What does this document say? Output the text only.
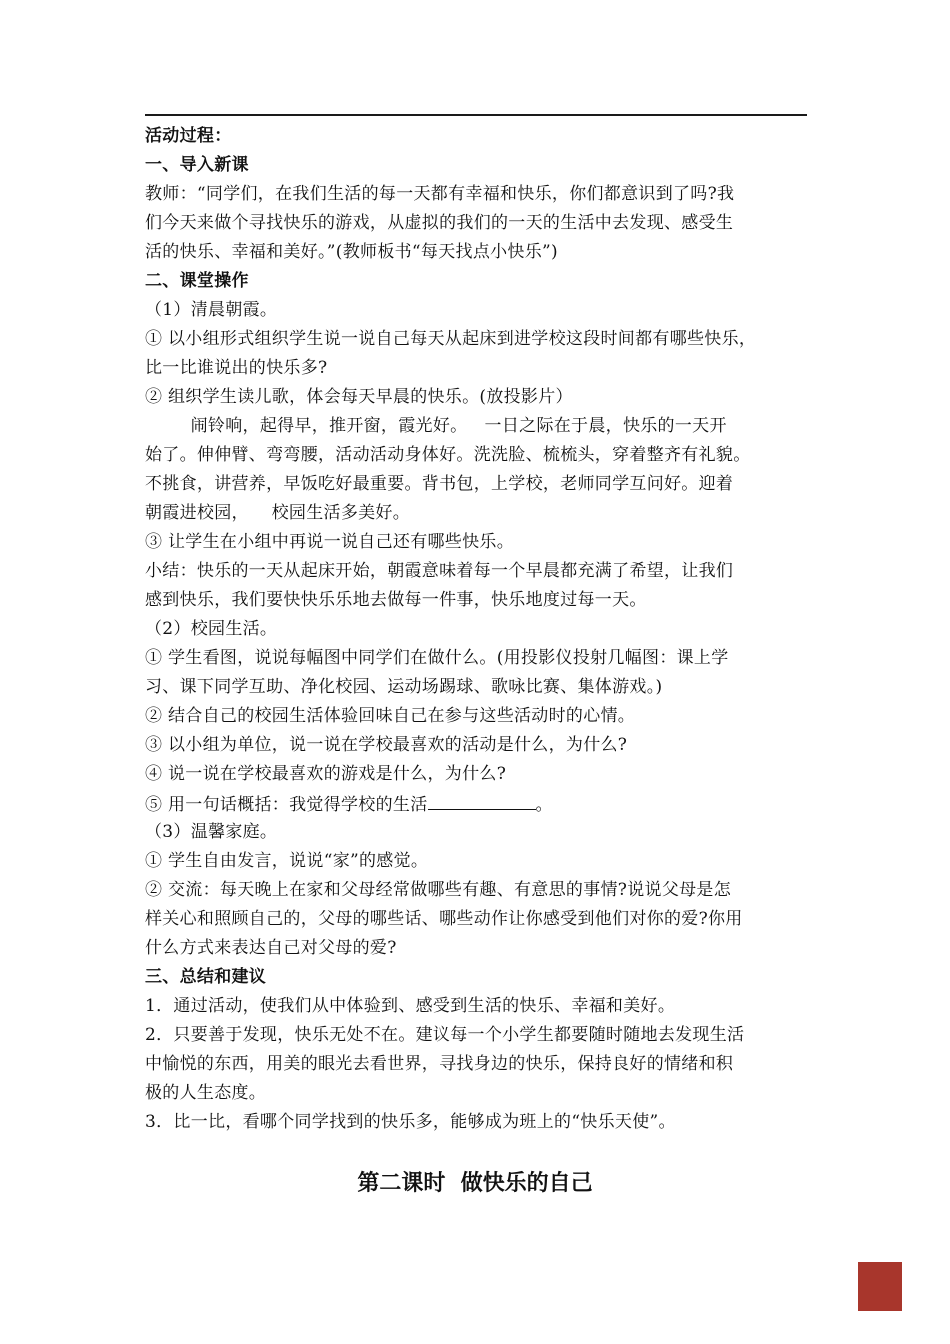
活动过程：
一、导入新课
教师：“同学们，在我们生活的每一天都有幸福和快乐，你们都意识到了吗?我
们今天来做个寻找快乐的游戏，从虚拟的我们的一天的生活中去发现、感受生
活的快乐、幸福和美好。”(教师板书“每天找点小快乐”)
二、课堂操作
（1）清晨朝霞。
① 以小组形式组织学生说一说自己每天从起床到进学校这段时间都有哪些快乐，
比一比谁说出的快乐多?
② 组织学生读儿歌，体会每天早晨的快乐。(放投影片）
闹铃响，起得早，推开窗，霞光好。   一日之际在于晨，快乐的一天开
始了。伸伸臂、弯弯腰，活动活动身体好。洗洗脸、梳梳头，穿着整齐有礼貌。
不挑食，讲营养，早饭吃好最重要。背书包，上学校，老师同学互问好。迎着
朝霞进校园，    校园生活多美好。
③ 让学生在小组中再说一说自己还有哪些快乐。
小结：快乐的一天从起床开始，朝霞意味着每一个早晨都充满了希望，让我们
感到快乐，我们要快快乐乐地去做每一件事，快乐地度过每一天。
（2）校园生活。
① 学生看图，说说每幅图中同学们在做什么。(用投影仪投射几幅图：课上学
习、课下同学互助、净化校园、运动场踢球、歌咏比赛、集体游戏。)
② 结合自己的校园生活体验回味自己在参与这些活动时的心情。
③ 以小组为单位，说一说在学校最喜欢的活动是什么，为什么?
④ 说一说在学校最喜欢的游戏是什么，为什么?
⑤ 用一句话概括：我觉得学校的生活	。
（3）温馨家庭。
① 学生自由发言，说说“家”的感觉。
② 交流：每天晚上在家和父母经常做哪些有趣、有意思的事情?说说父母是怎
样关心和照顾自己的，父母的哪些话、哪些动作让你感受到他们对你的爱?你用
什么方式来表达自己对父母的爱?
三、总结和建议
1．通过活动，使我们从中体验到、感受到生活的快乐、幸福和美好。
2．只要善于发现，快乐无处不在。建议每一个小学生都要随时随地去发现生活
中愉悦的东西，用美的眼光去看世界，寻找身边的快乐，保持良好的情绪和积
极的人生态度。
3．比一比，看哪个同学找到的快乐多，能够成为班上的“快乐天使”。
第二课时  做快乐的自己
